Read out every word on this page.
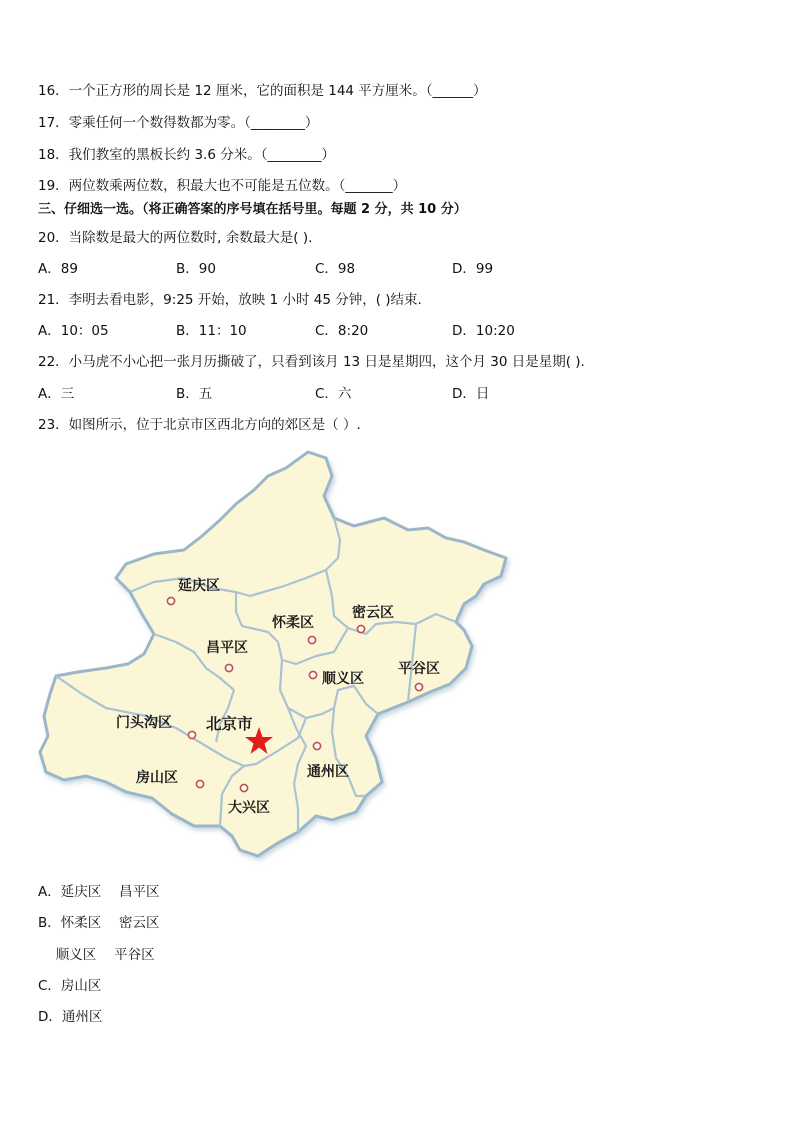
16．一个正方形的周长是 12 厘米，它的面积是 144 平方厘米。（______）
17．零乘任何一个数得数都为零。（________）
18．我们教室的黑板长约 3.6 分米。（________）
19．两位数乘两位数，积最大也不可能是五位数。（_______）
三、仔细选一选。（将正确答案的序号填在括号里。每题 2 分，共 10 分）
20．当除数是最大的两位数时, 余数最大是( ).
A．89	B．90	C．98	D．99
21．李明去看电影，9:25 开始，放映 1 小时 45 分钟，( )结束.
A．10：05	B．11：10	C．8:20	D．10:20
22．小马虎不小心把一张月历撕破了，只看到该月 13 日是星期四，这个月 30 日是星期( ).
A．三	B．五	C．六	D．日
23．如图所示，位于北京市区西北方向的郊区是（ ）.
延庆区
怀柔区
密云区
昌平区
顺义区
平谷区
门头沟区
通州区
房山区
大兴区
北京市
A．延庆区　 昌平区
B．怀柔区　 密云区
　 顺义区　 平谷区
C．房山区
D．通州区
